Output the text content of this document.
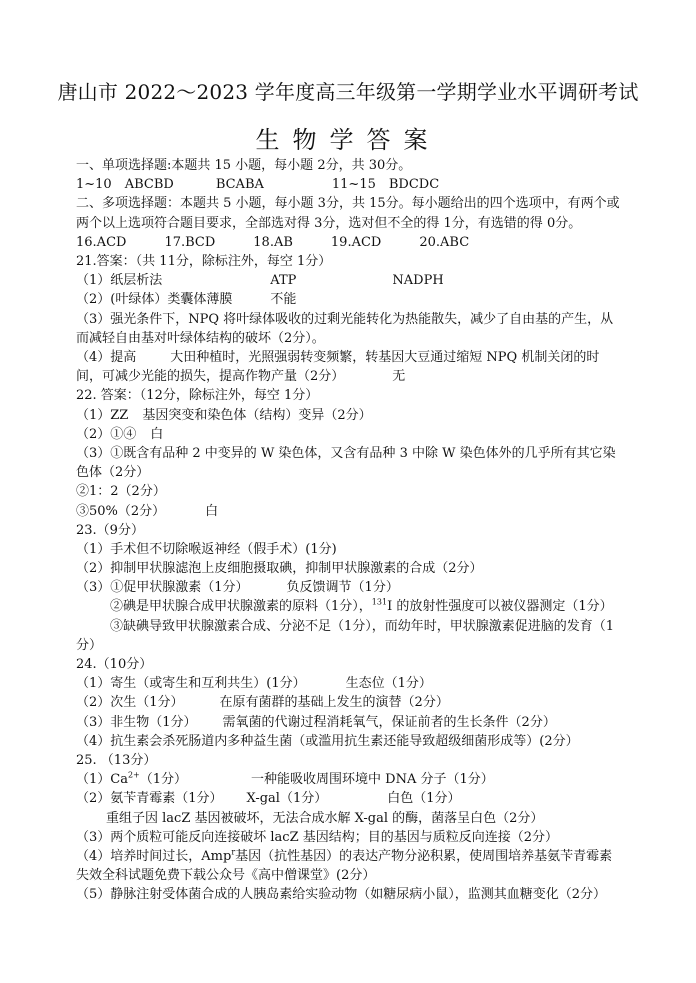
唐山市 2022～2023 学年度高三年级第一学期学业水平调研考试
生物学答案
一、单项选择题:本题共 15 小题，每小题 2分，共 30分。
1~10　ABCBD	BCABA	11~15　BDCDC
二、多项选择题：本题共 5 小题，每小题 3分，共 15分。每小题给出的四个选项中，有两个或两个以上选项符合题目要求，全部选对得 3分，选对但不全的得 1分，有选错的得 0分。
16.ACD	17.BCD	18.AB	19.ACD	20.ABC
21.答案：（共 11分，除标注外，每空 1分）
（1）纸层析法	ATP	NADPH
（2）(叶绿体）类囊体薄膜	不能
（3）强光条件下，NPQ 将叶绿体吸收的过剩光能转化为热能散失，减少了自由基的产生，从而减轻自由基对叶绿体结构的破坏（2分）。
（4）提高	大田种植时，光照强弱转变频繁，转基因大豆通过缩短 NPQ 机制关闭的时间，可减少光能的损失，提高作物产量（2分）	无
22. 答案：（12分，除标注外，每空 1分）
（1）ZZ 基因突变和染色体（结构）变异（2分）
（2）①④ 白
（3）①既含有品种 2 中变异的 W 染色体，又含有品种 3 中除 W 染色体外的几乎所有其它染色体（2分）
②1：2（2分）
③50%（2分）	白
23.（9分）
（1）手术但不切除喉返神经（假手术）(1分)
（2）抑制甲状腺滤泡上皮细胞摄取碘，抑制甲状腺激素的合成（2分）
（3）①促甲状腺激素（1分）	负反馈调节（1分）
②碘是甲状腺合成甲状腺激素的原料（1分），$^{131}$I 的放射性强度可以被仪器测定（1分）
③缺碘导致甲状腺激素合成、分泌不足（1分），而幼年时，甲状腺激素促进脑的发育（1分）
24.（10分）
（1）寄生（或寄生和互利共生）(1分）	生态位（1分）
（2）次生（1分）	在原有菌群的基础上发生的演替（2分）
（3）非生物（1分） 需氧菌的代谢过程消耗氧气，保证前者的生长条件（2分）
（4）抗生素会杀死肠道内多种益生菌（或滥用抗生素还能导致超级细菌形成等）(2分）
25. （13分）
$(1)Ca^{2+}(1$分）	一种能吸收周围环境中 DNA 分子（1分）
（2）氨苄青霉素（1分） X-gal（1分）	白色（1分）
重组子因 lacZ 基因被破坏，无法合成水解 X-gal 的酶，菌落呈白色（2分）
（3）两个质粒可能反向连接破坏 lacZ 基因结构；目的基因与质粒反向连接（2分）
（4）培养时间过长，Amp$^r$基因（抗性基因）的表达产物分泌积累，使周围培养基氨苄青霉素失效全科试题免费下载公众号《高中僧课堂》(2分）
（5）静脉注射受体菌合成的人胰岛素给实验动物（如糖尿病小鼠），监测其血糖变化（2分）
